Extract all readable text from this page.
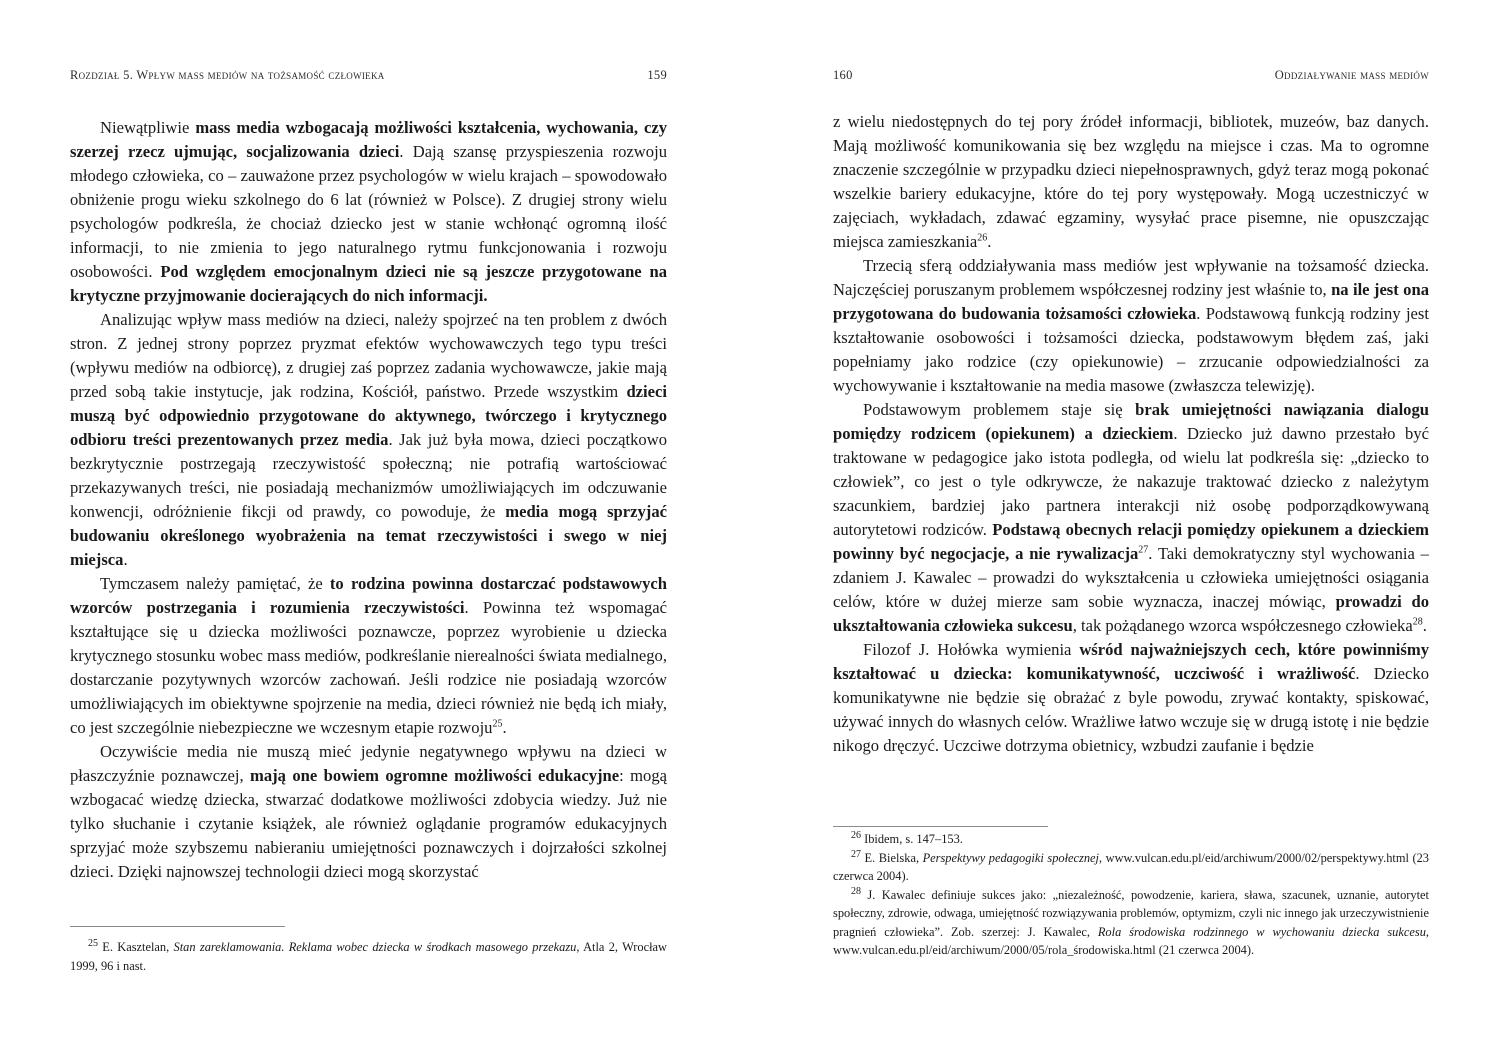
Rozdział 5. Wpływ mass mediów na tożsamość człowieka	159

Niewątpliwie mass media wzbogacają możliwości kształcenia, wychowania, czy szerzej rzecz ujmując, socjalizowania dzieci. Dają szansę przyspieszenia rozwoju młodego człowieka, co – zauważone przez psychologów w wielu krajach – spowodowało obniżenie progu wieku szkolnego do 6 lat (również w Polsce). Z drugiej strony wielu psychologów podkreśla, że chociaż dziecko jest w stanie wchłonąć ogromną ilość informacji, to nie zmienia to jego naturalnego rytmu funkcjonowania i rozwoju osobowości. Pod względem emocjonalnym dzieci nie są jeszcze przygotowane na krytyczne przyjmowanie docierających do nich informacji.

Analizując wpływ mass mediów na dzieci, należy spojrzeć na ten problem z dwóch stron. Z jednej strony poprzez pryzmat efektów wychowawczych tego typu treści (wpływu mediów na odbiorcę), z drugiej zaś poprzez zadania wychowawcze, jakie mają przed sobą takie instytucje, jak rodzina, Kościół, państwo. Przede wszystkim dzieci muszą być odpowiednio przygotowane do aktywnego, twórczego i krytycznego odbioru treści prezentowanych przez media. Jak już była mowa, dzieci początkowo bezkrytycznie postrzegają rzeczywistość społeczną; nie potrafią wartościować przekazywanych treści, nie posiadają mechanizmów umożliwiających im odczuwanie konwencji, odróżnienie fikcji od prawdy, co powoduje, że media mogą sprzyjać budowaniu określonego wyobrażenia na temat rzeczywistości i swego w niej miejsca.

Tymczasem należy pamiętać, że to rodzina powinna dostarczać podstawowych wzorców postrzegania i rozumienia rzeczywistości. Powinna też wspomagać kształtujące się u dziecka możliwości poznawcze, poprzez wyrobienie u dziecka krytycznego stosunku wobec mass mediów, podkreślanie nierealności świata medialnego, dostarczanie pozytywnych wzorców zachowań. Jeśli rodzice nie posiadają wzorców umożliwiających im obiektywne spojrzenie na media, dzieci również nie będą ich miały, co jest szczególnie niebezpieczne we wczesnym etapie rozwoju$^{25}$.

Oczywiście media nie muszą mieć jedynie negatywnego wpływu na dzieci w płaszczyźnie poznawczej, mają one bowiem ogromne możliwości edukacyjne: mogą wzbogacać wiedzę dziecka, stwarzać dodatkowe możliwości zdobycia wiedzy. Już nie tylko słuchanie i czytanie książek, ale również oglądanie programów edukacyjnych sprzyjać może szybszemu nabieraniu umiejętności poznawczych i dojrzałości szkolnej dzieci. Dzięki najnowszej technologii dzieci mogą skorzystać

$^{25}$ E. Kasztelan, Stan zareklamowania. Reklama wobec dziecka w środkach masowego przekazu, Atla 2, Wrocław 1999, 96 i nast.

160	Oddziaływanie mass mediów

z wielu niedostępnych do tej pory źródeł informacji, bibliotek, muzeów, baz danych. Mają możliwość komunikowania się bez względu na miejsce i czas. Ma to ogromne znaczenie szczególnie w przypadku dzieci niepełnosprawnych, gdyż teraz mogą pokonać wszelkie bariery edukacyjne, które do tej pory występowały. Mogą uczestniczyć w zajęciach, wykładach, zdawać egzaminy, wysyłać prace pisemne, nie opuszczając miejsca zamieszkania$^{26}$.

Trzecią sferą oddziaływania mass mediów jest wpływanie na tożsamość dziecka. Najczęściej poruszanym problemem współczesnej rodziny jest właśnie to, na ile jest ona przygotowana do budowania tożsamości człowieka. Podstawową funkcją rodziny jest kształtowanie osobowości i tożsamości dziecka, podstawowym błędem zaś, jaki popełniamy jako rodzice (czy opiekunowie) – zrzucanie odpowiedzialności za wychowywanie i kształtowanie na media masowe (zwłaszcza telewizję).

Podstawowym problemem staje się brak umiejętności nawiązania dialogu pomiędzy rodzicem (opiekunem) a dzieckiem. Dziecko już dawno przestało być traktowane w pedagogice jako istota podległa, od wielu lat podkreśla się: „dziecko to człowiek”, co jest o tyle odkrywcze, że nakazuje traktować dziecko z należytym szacunkiem, bardziej jako partnera interakcji niż osobę podporządkowywaną autorytetowi rodziców. Podstawą obecnych relacji pomiędzy opiekunem a dzieckiem powinny być negocjacje, a nie rywalizacja$^{27}$. Taki demokratyczny styl wychowania – zdaniem J. Kawalec – prowadzi do wykształcenia u człowieka umiejętności osiągania celów, które w dużej mierze sam sobie wyznacza, inaczej mówiąc, prowadzi do ukształtowania człowieka sukcesu, tak pożądanego wzorca współczesnego człowieka$^{28}$.

Filozof J. Hołówka wymienia wśród najważniejszych cech, które powinniśmy kształtować u dziecka: komunikatywność, uczciwość i wrażliwość. Dziecko komunikatywne nie będzie się obrażać z byle powodu, zrywać kontakty, spiskować, używać innych do własnych celów. Wrażliwe łatwo wczuje się w drugą istotę i nie będzie nikogo dręczyć. Uczciwe dotrzyma obietnicy, wzbudzi zaufanie i będzie

$^{26}$ Ibidem, s. 147–153.

$^{27}$ E. Bielska, Perspektywy pedagogiki społecznej, www.vulcan.edu.pl/eid/archiwum/2000/02/perspektywy.html (23 czerwca 2004).

$^{28}$ J. Kawalec definiuje sukces jako: „niezależność, powodzenie, kariera, sława, szacunek, uznanie, autorytet społeczny, zdrowie, odwaga, umiejętność rozwiązywania problemów, optymizm, czyli nic innego jak urzeczywistnienie pragnień człowieka”. Zob. szerzej: J. Kawalec, Rola środowiska rodzinnego w wychowaniu dziecka sukcesu, www.vulcan.edu.pl/eid/archiwum/2000/05/rola_środowiska.html (21 czerwca 2004).
